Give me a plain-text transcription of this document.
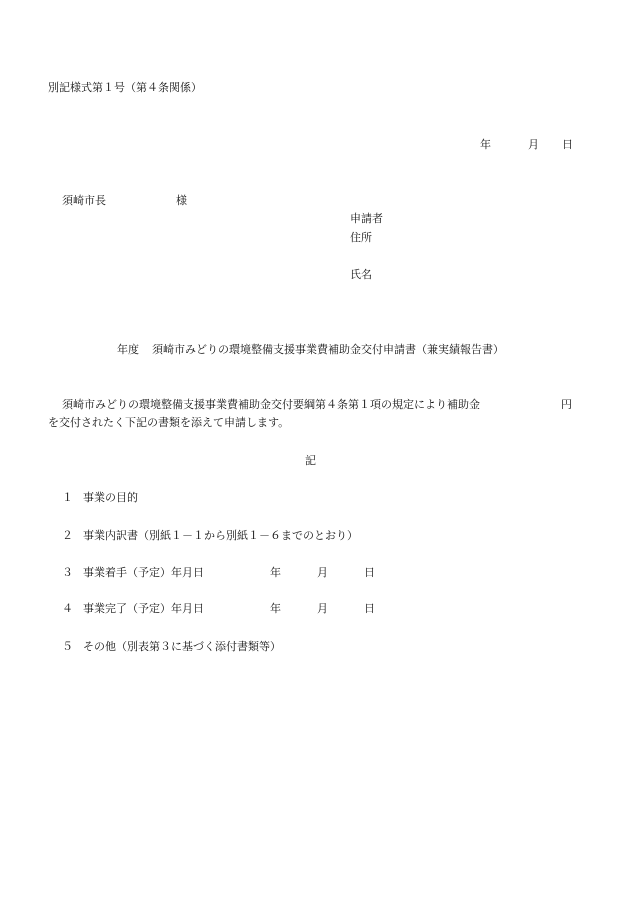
別記様式第１号（第４条関係）
年	月 日
須崎市長	様
申請者
住所
氏名
年度 須崎市みどりの環境整備支援事業費補助金交付申請書（兼実績報告書）
須崎市みどりの環境整備支援事業費補助金交付要綱第４条第１項の規定により補助金	円
を交付されたく下記の書類を添えて申請します。
記
１ 事業の目的
２ 事業内訳書（別紙１－１から別紙１－６までのとおり）
３ 事業着手（予定）年月日	年	月	日
４ 事業完了（予定）年月日	年	月	日
５ その他（別表第３に基づく添付書類等）
